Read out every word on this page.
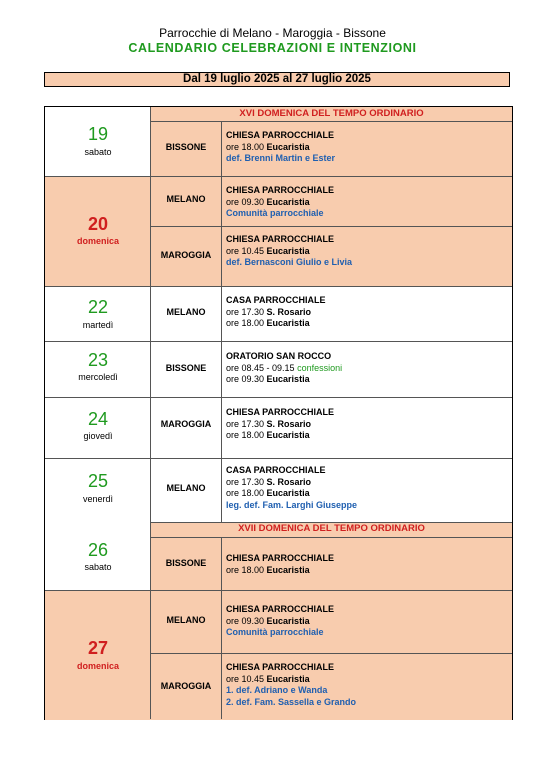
Parrocchie di Melano - Maroggia - Bissone
CALENDARIO CELEBRAZIONI E INTENZIONI
Dal 19 luglio 2025 al 27 luglio 2025
XVI DOMENICA DEL TEMPO ORDINARIO
XVII DOMENICA DEL TEMPO ORDINARIO
19
sabato
20
domenica
22
martedì
23
mercoledì
24
giovedì
25
venerdì
26
sabato
27
domenica
BISSONE
MELANO
MAROGGIA
MELANO
BISSONE
MAROGGIA
MELANO
BISSONE
MELANO
MAROGGIA
CHIESA PARROCCHIALE
ore 18.00 Eucaristia
def. Brenni Martin e Ester
CHIESA PARROCCHIALE
ore 09.30 Eucaristia
Comunità parrocchiale
CHIESA PARROCCHIALE
ore 10.45 Eucaristia
def. Bernasconi Giulio e Livia
CASA PARROCCHIALE
ore 17.30 S. Rosario
ore 18.00 Eucaristia
ORATORIO SAN ROCCO
ore 08.45 - 09.15 confessioni
ore 09.30 Eucaristia
CHIESA PARROCCHIALE
ore 17.30 S. Rosario
ore 18.00 Eucaristia
CASA PARROCCHIALE
ore 17.30 S. Rosario
ore 18.00 Eucaristia
leg. def. Fam. Larghi Giuseppe
CHIESA PARROCCHIALE
ore 18.00 Eucaristia
CHIESA PARROCCHIALE
ore 09.30 Eucaristia
Comunità parrocchiale
CHIESA PARROCCHIALE
ore 10.45 Eucaristia
1. def. Adriano e Wanda
2. def. Fam. Sassella e Grando
